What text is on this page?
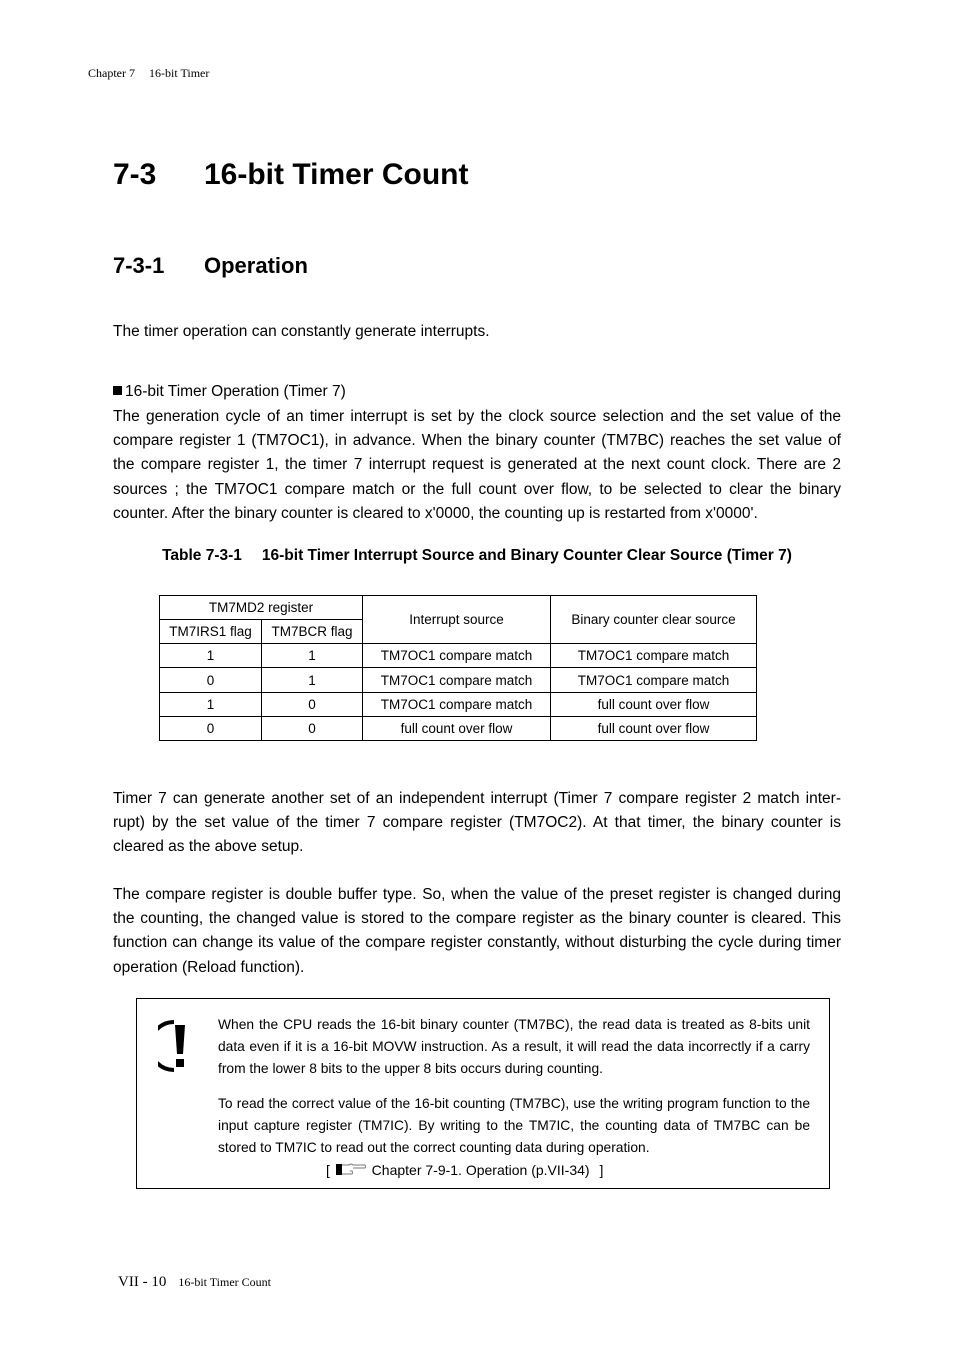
Chapter 7 16-bit Timer
7-3 16-bit Timer Count
7-3-1 Operation

The timer operation can constantly generate interrupts.

16-bit Timer Operation (Timer 7)

The generation cycle of an timer interrupt is set by the clock source selection and the set value of the compare register 1 (TM7OC1), in advance. When the binary counter (TM7BC) reaches the set value of the compare register 1, the timer 7 interrupt request is generated at the next count clock. There are 2 sources ; the TM7OC1 compare match or the full count over flow, to be selected to clear the binary counter. After the binary counter is cleared to x'0000, the counting up is restarted from x'0000'.

Table 7-3-1 16-bit Timer Interrupt Source and Binary Counter Clear Source (Timer 7)

TM7MD2 register		Interrupt source	Binary counter clear source
TM7IRS1 flag	TM7BCR flag		
1	1	TM7OC1 compare match	TM7OC1 compare match
0	1	TM7OC1 compare match	TM7OC1 compare match
1	0	TM7OC1 compare match	full count over flow
0	0	full count over flow	full count over flow

Timer 7 can generate another set of an independent interrupt (Timer 7 compare register 2 match inter-rupt) by the set value of the timer 7 compare register (TM7OC2). At that timer, the binary counter is cleared as the above setup.

The compare register is double buffer type. So, when the value of the preset register is changed during the counting, the changed value is stored to the compare register as the binary counter is cleared. This function can change its value of the compare register constantly, without disturbing the cycle during timer operation (Reload function).

When the CPU reads the 16-bit binary counter (TM7BC), the read data is treated as 8-bits unit data even if it is a 16-bit MOVW instruction. As a result, it will read the data incorrectly if a carry from the lower 8 bits to the upper 8 bits occurs during counting.

To read the correct value of the 16-bit counting (TM7BC), use the writing program function to the input capture register (TM7IC). By writing to the TM7IC, the counting data of TM7BC can be stored to TM7IC to read out the correct counting data during operation.

[	Chapter 7-9-1. Operation (p.VII-34) ]
VII - 10 16-bit Timer Count
